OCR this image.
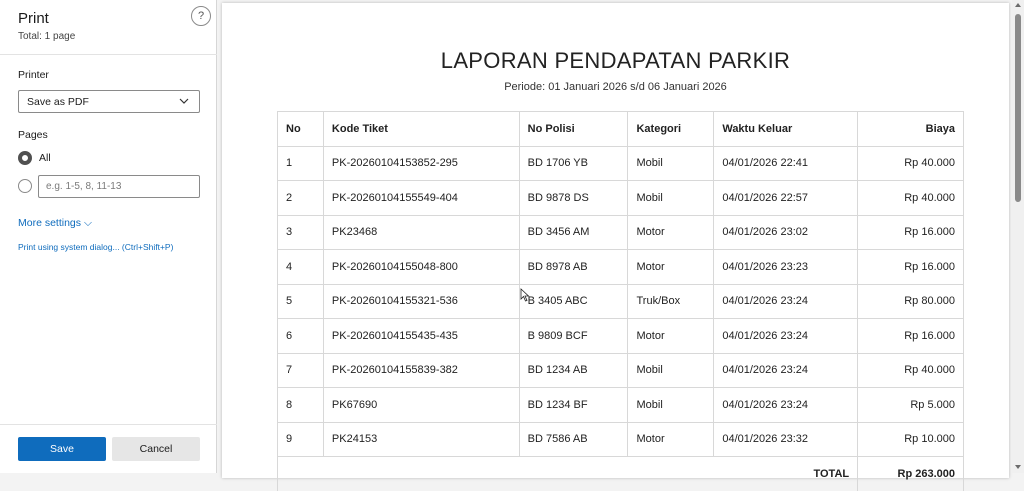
Print
Total: 1 page
?
Printer
Save as PDF
Pages
All
e.g. 1-5, 8, 11-13
More settings ⌵
Print using system dialog... (Ctrl+Shift+P)
Save	Cancel
LAPORAN PENDAPATAN PARKIR
Periode: 01 Januari 2026 s/d 06 Januari 2026
No	Kode Tiket	No Polisi	Kategori	Waktu Keluar	Biaya
1	PK-20260104153852-295	BD 1706 YB	Mobil	04/01/2026 22:41	Rp 40.000
2	PK-20260104155549-404	BD 9878 DS	Mobil	04/01/2026 22:57	Rp 40.000
3	PK23468	BD 3456 AM	Motor	04/01/2026 23:02	Rp 16.000
4	PK-20260104155048-800	BD 8978 AB	Motor	04/01/2026 23:23	Rp 16.000
5	PK-20260104155321-536	B 3405 ABC	Truk/Box	04/01/2026 23:24	Rp 80.000
6	PK-20260104155435-435	B 9809 BCF	Motor	04/01/2026 23:24	Rp 16.000
7	PK-20260104155839-382	BD 1234 AB	Mobil	04/01/2026 23:24	Rp 40.000
8	PK67690	BD 1234 BF	Mobil	04/01/2026 23:24	Rp 5.000
9	PK24153	BD 7586 AB	Motor	04/01/2026 23:32	Rp 10.000
TOTAL					Rp 263.000
